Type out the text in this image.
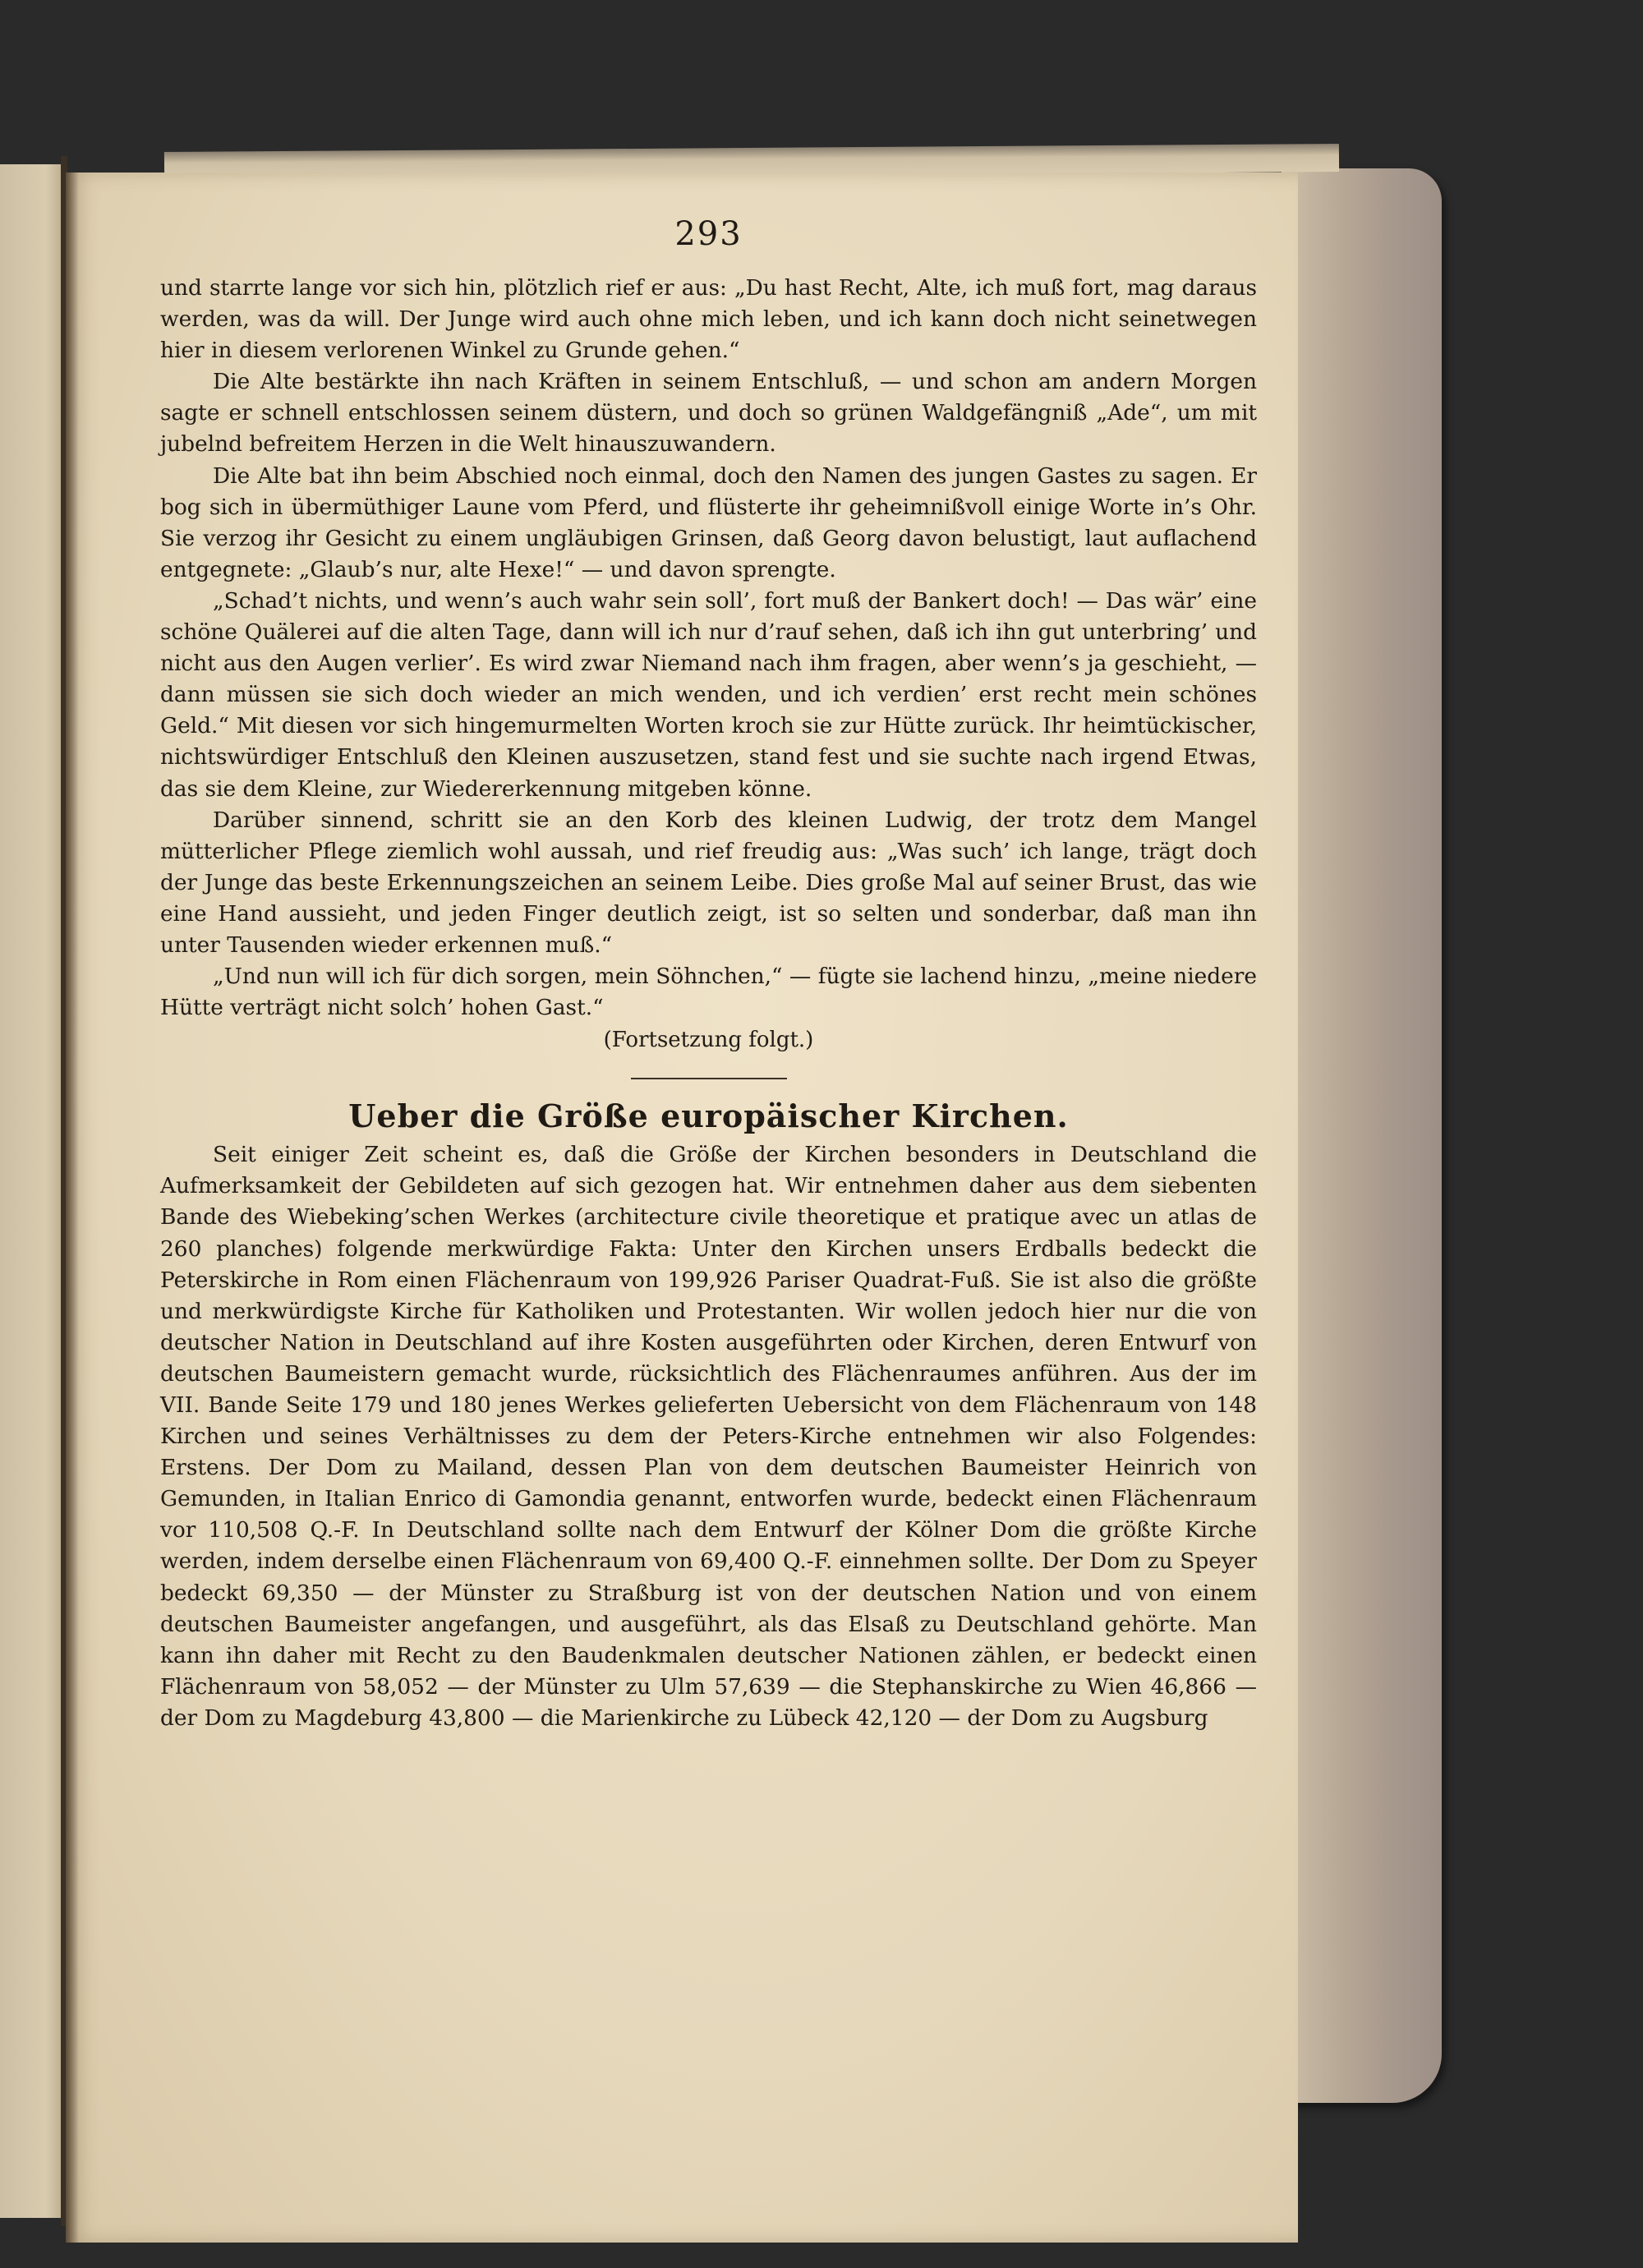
293

und starrte lange vor sich hin, plötzlich rief er aus: „Du hast Recht, Alte, ich muß fort, mag daraus werden, was da will. Der Junge wird auch ohne mich leben, und ich kann doch nicht seinetwegen hier in diesem verlorenen Winkel zu Grunde gehen.“

Die Alte bestärkte ihn nach Kräften in seinem Entschluß, — und schon am andern Morgen sagte er schnell entschlossen seinem düstern, und doch so grünen Waldgefängniß „Ade“, um mit jubelnd befreitem Herzen in die Welt hinauszuwandern.

Die Alte bat ihn beim Abschied noch einmal, doch den Namen des jungen Gastes zu sagen. Er bog sich in übermüthiger Laune vom Pferd, und flüsterte ihr geheimnißvoll einige Worte in’s Ohr. Sie verzog ihr Gesicht zu einem ungläubigen Grinsen, daß Georg davon belustigt, laut auflachend entgegnete: „Glaub’s nur, alte Hexe!“ — und davon sprengte.

„Schad’t nichts, und wenn’s auch wahr sein soll’, fort muß der Bankert doch! — Das wär’ eine schöne Quälerei auf die alten Tage, dann will ich nur d’rauf sehen, daß ich ihn gut unterbring’ und nicht aus den Augen verlier’. Es wird zwar Niemand nach ihm fragen, aber wenn’s ja geschieht, — dann müssen sie sich doch wieder an mich wenden, und ich verdien’ erst recht mein schönes Geld.“ Mit diesen vor sich hingemurmelten Worten kroch sie zur Hütte zurück. Ihr heimtückischer, nichtswürdiger Entschluß den Kleinen auszusetzen, stand fest und sie suchte nach irgend Etwas, das sie dem Kleine, zur Wiedererkennung mitgeben könne.

Darüber sinnend, schritt sie an den Korb des kleinen Ludwig, der trotz dem Mangel mütterlicher Pflege ziemlich wohl aussah, und rief freudig aus: „Was such’ ich lange, trägt doch der Junge das beste Erkennungszeichen an seinem Leibe. Dies große Mal auf seiner Brust, das wie eine Hand aussieht, und jeden Finger deutlich zeigt, ist so selten und sonderbar, daß man ihn unter Tausenden wieder erkennen muß.“

„Und nun will ich für dich sorgen, mein Söhnchen,“ — fügte sie lachend hinzu, „meine niedere Hütte verträgt nicht solch’ hohen Gast.“

(Fortsetzung folgt.)

Ueber die Größe europäischer Kirchen.

Seit einiger Zeit scheint es, daß die Größe der Kirchen besonders in Deutschland die Aufmerksamkeit der Gebildeten auf sich gezogen hat. Wir entnehmen daher aus dem siebenten Bande des Wiebeking’schen Werkes (architecture civile theoretique et pratique avec un atlas de 260 planches) folgende merkwürdige Fakta: Unter den Kirchen unsers Erdballs bedeckt die Peterskirche in Rom einen Flächenraum von 199,926 Pariser Quadrat-Fuß. Sie ist also die größte und merkwürdigste Kirche für Katholiken und Protestanten. Wir wollen jedoch hier nur die von deutscher Nation in Deutschland auf ihre Kosten ausgeführten oder Kirchen, deren Entwurf von deutschen Baumeistern gemacht wurde, rücksichtlich des Flächenraumes anführen. Aus der im VII. Bande Seite 179 und 180 jenes Werkes gelieferten Uebersicht von dem Flächenraum von 148 Kirchen und seines Verhältnisses zu dem der Peters-Kirche entnehmen wir also Folgendes: Erstens. Der Dom zu Mailand, dessen Plan von dem deutschen Baumeister Heinrich von Gemunden, in Italian Enrico di Gamondia genannt, entworfen wurde, bedeckt einen Flächenraum vor 110,508 Q.-F. In Deutschland sollte nach dem Entwurf der Kölner Dom die größte Kirche werden, indem derselbe einen Flächenraum von 69,400 Q.-F. einnehmen sollte. Der Dom zu Speyer bedeckt 69,350 — der Münster zu Straßburg ist von der deutschen Nation und von einem deutschen Baumeister angefangen, und ausgeführt, als das Elsaß zu Deutschland gehörte. Man kann ihn daher mit Recht zu den Baudenkmalen deutscher Nationen zählen, er bedeckt einen Flächenraum von 58,052 — der Münster zu Ulm 57,639 — die Stephanskirche zu Wien 46,866 — der Dom zu Magdeburg 43,800 — die Marienkirche zu Lübeck 42,120 — der Dom zu Augsburg
